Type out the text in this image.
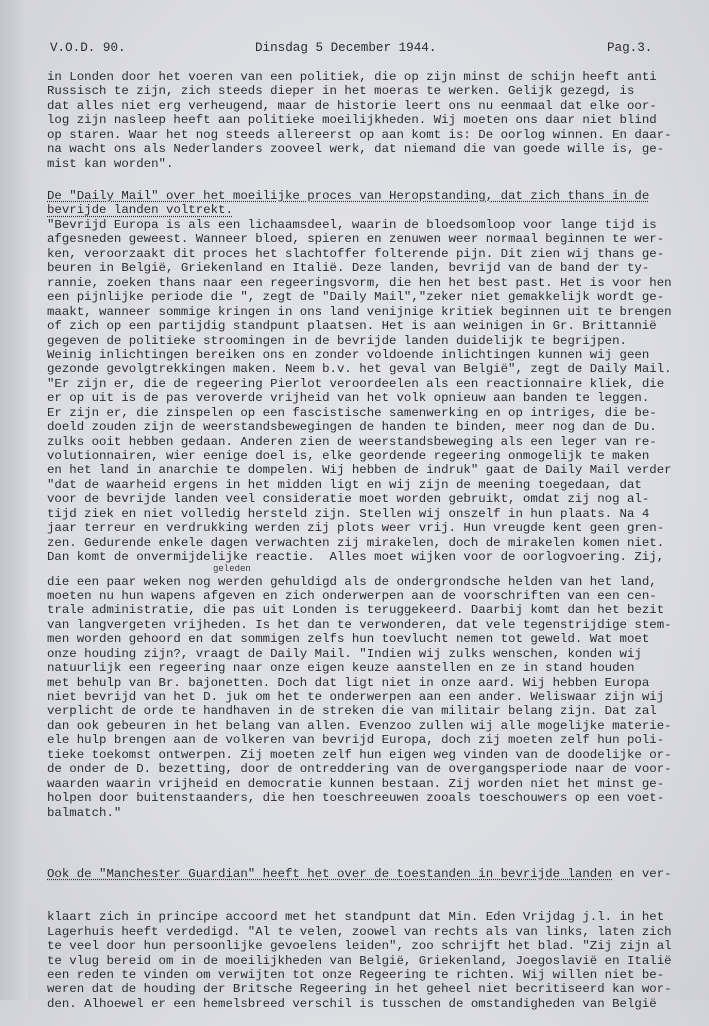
V.O.D. 90.	Dinsdag 5 December 1944.	Pag.3.
in Londen door het voeren van een politiek, die op zijn minst de schijn heeft anti
Russisch te zijn, zich steeds dieper in het moeras te werken. Gelijk gezegd, is
dat alles niet erg verheugend, maar de historie leert ons nu eenmaal dat elke oor-
log zijn nasleep heeft aan politieke moeilijkheden. Wij moeten ons daar niet blind
op staren. Waar het nog steeds allereerst op aan komt is: De oorlog winnen. En daar-
na wacht ons als Nederlanders zooveel werk, dat niemand die van goede wille is, ge-
mist kan worden".
De "Daily Mail" over het moeilijke proces van Heropstanding, dat zich thans in de
bevrijde landen voltrekt.
"Bevrijd Europa is als een lichaamsdeel, waarin de bloedsomloop voor lange tijd is
afgesneden geweest. Wanneer bloed, spieren en zenuwen weer normaal beginnen te wer-
ken, veroorzaakt dit proces het slachtoffer folterende pijn. Dit zien wij thans ge-
beuren in België, Griekenland en Italië. Deze landen, bevrijd van de band der ty-
rannie, zoeken thans naar een regeeringsvorm, die hen het best past. Het is voor hen
een pijnlijke periode die ", zegt de "Daily Mail","zeker niet gemakkelijk wordt ge-
maakt, wanneer sommige kringen in ons land venijnige kritiek beginnen uit te brengen
of zich op een partijdig standpunt plaatsen. Het is aan weinigen in Gr. Brittannië
gegeven de politieke stroomingen in de bevrijde landen duidelijk te begrijpen.
Weinig inlichtingen bereiken ons en zonder voldoende inlichtingen kunnen wij geen
gezonde gevolgtrekkingen maken. Neem b.v. het geval van België", zegt de Daily Mail.
"Er zijn er, die de regeering Pierlot veroordeelen als een reactionnaire kliek, die
er op uit is de pas veroverde vrijheid van het volk opnieuw aan banden te leggen.
Er zijn er, die zinspelen op een fascistische samenwerking en op intriges, die be-
doeld zouden zijn de weerstandsbewegingen de handen te binden, meer nog dan de Du.
zulks ooit hebben gedaan. Anderen zien de weerstandsbeweging als een leger van re-
volutionnairen, wier eenige doel is, elke geordende regeering onmogelijk te maken
en het land in anarchie te dompelen. Wij hebben de indruk" gaat de Daily Mail verder
"dat de waarheid ergens in het midden ligt en wij zijn de meening toegedaan, dat
voor de bevrijde landen veel consideratie moet worden gebruikt, omdat zij nog al-
tijd ziek en niet volledig hersteld zijn. Stellen wij onszelf in hun plaats. Na 4
jaar terreur en verdrukking werden zij plots weer vrij. Hun vreugde kent geen gren-
zen. Gedurende enkele dagen verwachten zij mirakelen, doch de mirakelen komen niet.
Dan komt de onvermijdelijke reactie.  Alles moet wijken voor de oorlogvoering. Zij,
die een paar weken nog werden gehuldigd als de ondergrondsche helden van het land,
moeten nu hun wapens afgeven en zich onderwerpen aan de voorschriften van een cen-
trale administratie, die pas uit Londen is teruggekeerd. Daarbij komt dan het bezit
van langvergeten vrijheden. Is het dan te verwonderen, dat vele tegenstrijdige stem-
men worden gehoord en dat sommigen zelfs hun toevlucht nemen tot geweld. Wat moet
onze houding zijn?, vraagt de Daily Mail. "Indien wij zulks wenschen, konden wij
natuurlijk een regeering naar onze eigen keuze aanstellen en ze in stand houden
met behulp van Br. bajonetten. Doch dat ligt niet in onze aard. Wij hebben Europa
niet bevrijd van het D. juk om het te onderwerpen aan een ander. Weliswaar zijn wij
verplicht de orde te handhaven in de streken die van militair belang zijn. Dat zal
dan ook gebeuren in het belang van allen. Evenzoo zullen wij alle mogelijke materie-
ele hulp brengen aan de volkeren van bevrijd Europa, doch zij moeten zelf hun poli-
tieke toekomst ontwerpen. Zij moeten zelf hun eigen weg vinden van de doodelijke or-
de onder de D. bezetting, door de ontreddering van de overgangsperiode naar de voor-
waarden waarin vrijheid en democratie kunnen bestaan. Zij worden niet het minst ge-
holpen door buitenstaanders, die hen toeschreeuwen zooals toeschouwers op een voet-
balmatch."
geleden

Ook de "Manchester Guardian" heeft het over de toestanden in bevrijde landen en ver-

klaart zich in principe accoord met het standpunt dat Min. Eden Vrijdag j.l. in het
Lagerhuis heeft verdedigd. "Al te velen, zoowel van rechts als van links, laten zich
te veel door hun persoonlijke gevoelens leiden", zoo schrijft het blad. "Zij zijn al
te vlug bereid om in de moeilijkheden van België, Griekenland, Joegoslavië en Italië
een reden te vinden om verwijten tot onze Regeering te richten. Wij willen niet be-
weren dat de houding der Britsche Regeering in het geheel niet becritiseerd kan wor-
den. Alhoewel er een hemelsbreed verschil is tusschen de omstandigheden van België
